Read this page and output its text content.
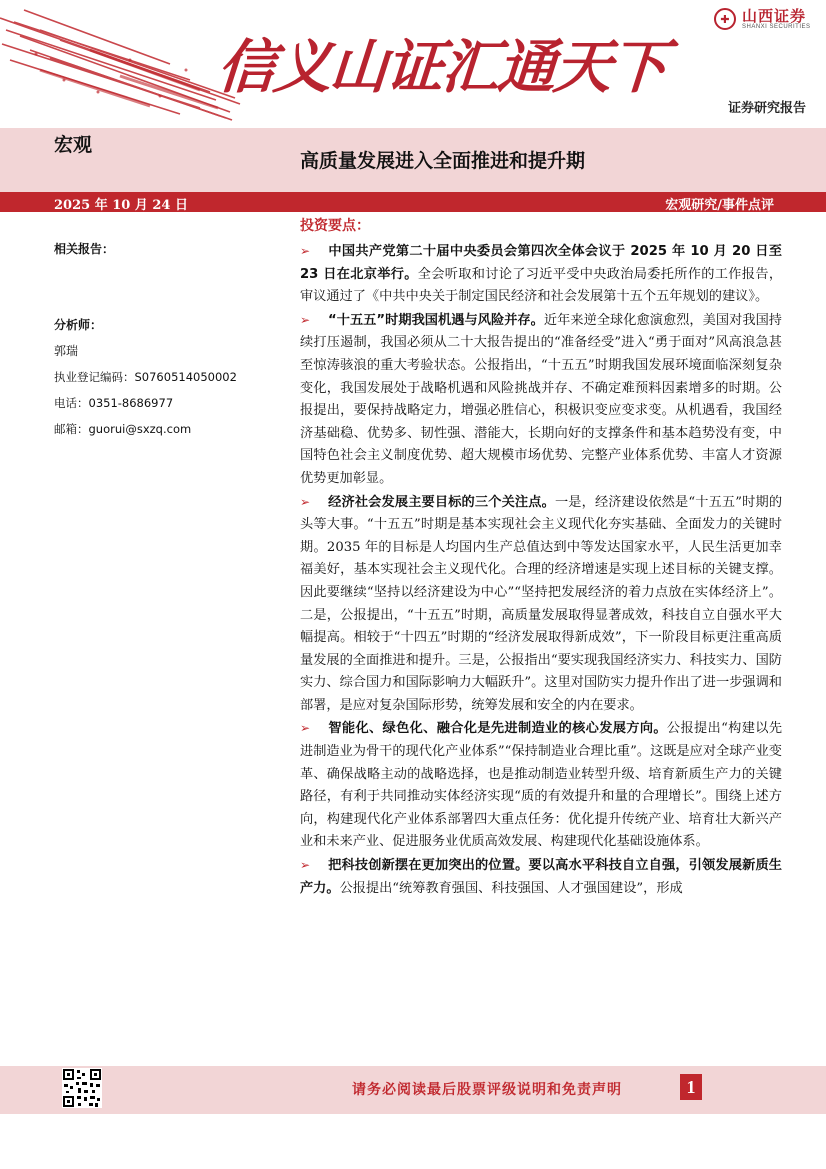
信义山证汇通天下
✚ 山西证券
SHANXI SECURITIES
证券研究报告
宏观
高质量发展进入全面推进和提升期
2025 年 10 月 24 日	宏观研究/事件点评
相关报告：
分析师：
郭瑞
执业登记编码：S0760514050002
电话：0351-8686977
邮箱：guorui@sxzq.com
投资要点：

➢ 中国共产党第二十届中央委员会第四次全体会议于 2025 年 10 月 20 日至 23 日在北京举行。全会听取和讨论了习近平受中央政治局委托所作的工作报告，审议通过了《中共中央关于制定国民经济和社会发展第十五个五年规划的建议》。

➢ “十五五”时期我国机遇与风险并存。近年来逆全球化愈演愈烈，美国对我国持续打压遏制，我国必须从二十大报告提出的“准备经受”进入“勇于面对”风高浪急甚至惊涛骇浪的重大考验状态。公报指出，“十五五”时期我国发展环境面临深刻复杂变化，我国发展处于战略机遇和风险挑战并存、不确定难预料因素增多的时期。公报提出，要保持战略定力，增强必胜信心，积极识变应变求变。从机遇看，我国经济基础稳、优势多、韧性强、潜能大，长期向好的支撑条件和基本趋势没有变，中国特色社会主义制度优势、超大规模市场优势、完整产业体系优势、丰富人才资源优势更加彰显。

➢ 经济社会发展主要目标的三个关注点。一是，经济建设依然是“十五五”时期的头等大事。“十五五”时期是基本实现社会主义现代化夯实基础、全面发力的关键时期。2035 年的目标是人均国内生产总值达到中等发达国家水平，人民生活更加幸福美好，基本实现社会主义现代化。合理的经济增速是实现上述目标的关键支撑。因此要继续“坚持以经济建设为中心”“坚持把发展经济的着力点放在实体经济上”。二是，公报提出，“十五五”时期，高质量发展取得显著成效，科技自立自强水平大幅提高。相较于“十四五”时期的“经济发展取得新成效”，下一阶段目标更注重高质量发展的全面推进和提升。三是，公报指出“要实现我国经济实力、科技实力、国防实力、综合国力和国际影响力大幅跃升”。这里对国防实力提升作出了进一步强调和部署，是应对复杂国际形势，统筹发展和安全的内在要求。

➢ 智能化、绿色化、融合化是先进制造业的核心发展方向。公报提出“构建以先进制造业为骨干的现代化产业体系”“保持制造业合理比重”。这既是应对全球产业变革、确保战略主动的战略选择，也是推动制造业转型升级、培育新质生产力的关键路径，有利于共同推动实体经济实现“质的有效提升和量的合理增长”。围绕上述方向，构建现代化产业体系部署四大重点任务：优化提升传统产业、培育壮大新兴产业和未来产业、促进服务业优质高效发展、构建现代化基础设施体系。

➢ 把科技创新摆在更加突出的位置。要以高水平科技自立自强，引领发展新质生产力。公报提出“统筹教育强国、科技强国、人才强国建设”，形成

请务必阅读最后股票评级说明和免责声明	1
